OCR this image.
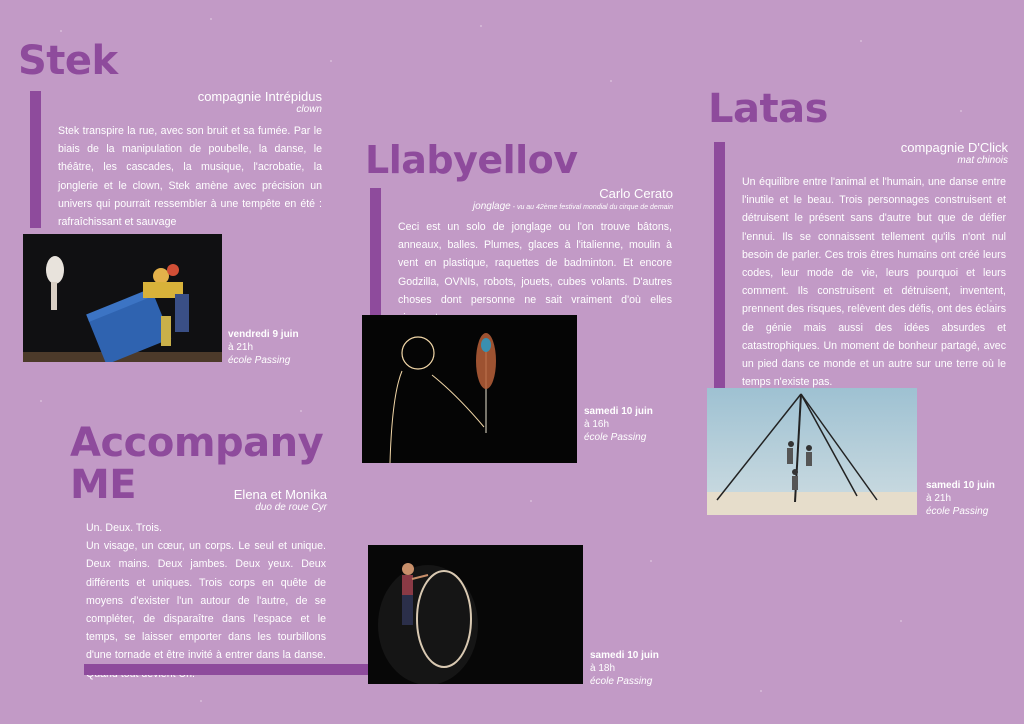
Stek
compagnie Intrépidus
clown

Stek transpire la rue, avec son bruit et sa fumée. Par le biais de la manipulation de poubelle, la danse, le théâtre, les cascades, la musique, l'acrobatie, la jonglerie et le clown, Stek amène avec précision un univers qui pourrait ressembler à une tempête en été : rafraîchissant et sauvage

vendredi 9 juin
à 21h
école Passing
Llabyellov
Carlo Cerato
jonglage - vu au 42ème festival mondial du cirque de demain

Ceci est un solo de jonglage ou l'on trouve bâtons, anneaux, balles. Plumes, glaces à l'italienne, moulin à vent en plastique, raquettes de badminton. Et encore Godzilla, OVNIs, robots, jouets, cubes volants. D'autres choses dont personne ne sait vraiment d'où elles

samedi 10 juin
à 16h
école Passing
Latas
compagnie D'Click
mat chinois

Un équilibre entre l'animal et l'humain, une danse entre l'inutile et le beau. Trois personnages construisent et détruisent le présent sans d'autre but que de défier l'ennui. Ils se connaissent tellement qu'ils n'ont nul besoin de parler. Ces trois êtres humains ont créé leurs codes, leur mode de vie, leurs pourquoi et leurs comment. Ils construisent et détruisent, inventent, prennent des risques, relèvent des défis, ont des éclairs de génie mais aussi des idées absurdes et catastrophiques. Un moment de bonheur partagé, avec un pied dans ce monde et un autre sur une terre où le temps n'existe pas.

samedi 10 juin
à 21h
école Passing
Accompany
ME	Elena et Monika
duo de roue Cyr
Un. Deux. Trois.
Un visage, un cœur, un corps. Le seul et unique. Deux mains. Deux jambes. Deux yeux. Deux différents et uniques. Trois corps en quête de moyens d'exister l'un autour de l'autre, de se compléter, de disparaître dans l'espace et le temps, se laisser emporter dans les tourbillons d'une tornade et être invité à entrer dans la danse.	samedi 10 juin
à 18h
école Passing
